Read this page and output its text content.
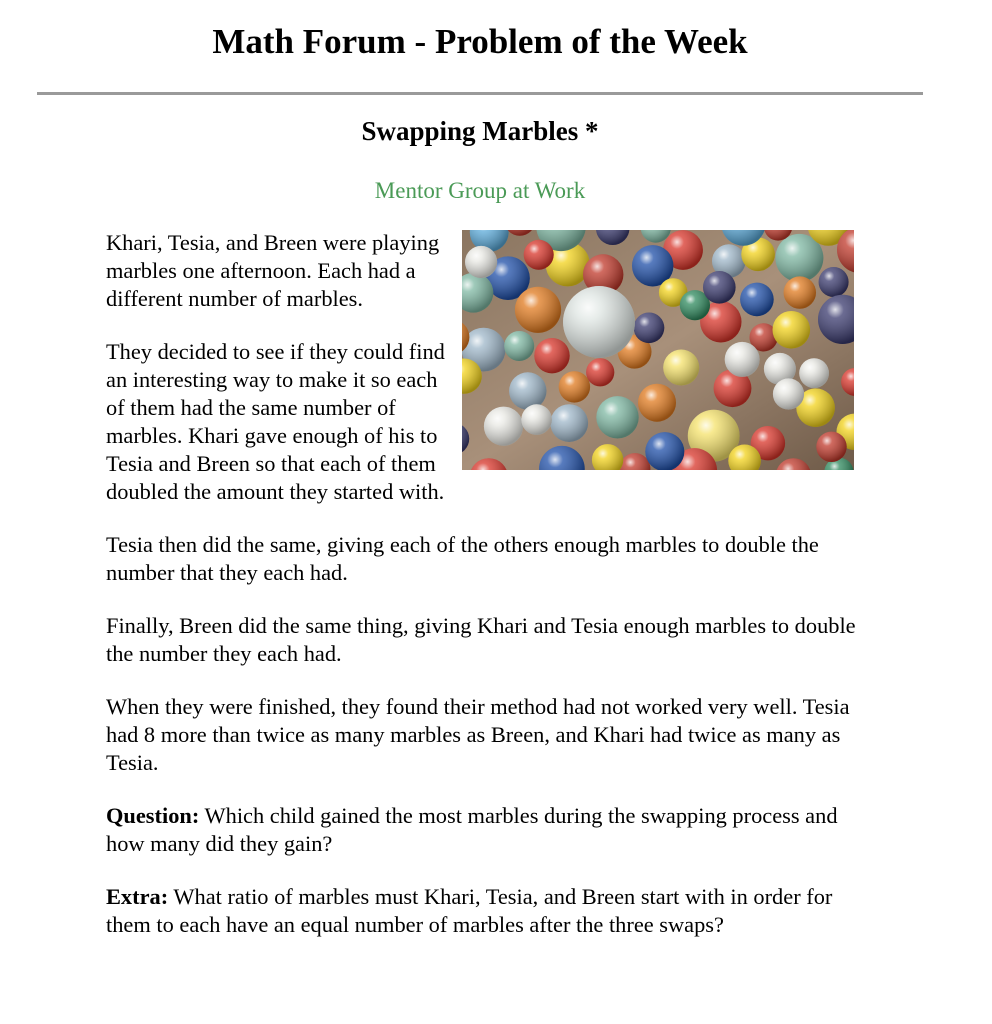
Math Forum - Problem of the Week
Swapping Marbles *
Mentor Group at Work

Khari, Tesia, and Breen were playing marbles one afternoon. Each had a different number of marbles.

They decided to see if they could find an interesting way to make it so each of them had the same number of marbles. Khari gave enough of his to Tesia and Breen so that each of them doubled the amount they started with.

Tesia then did the same, giving each of the others enough marbles to double the number that they each had.

Finally, Breen did the same thing, giving Khari and Tesia enough marbles to double the number they each had.

When they were finished, they found their method had not worked very well. Tesia had 8 more than twice as many marbles as Breen, and Khari had twice as many as Tesia.

Question: Which child gained the most marbles during the swapping process and how many did they gain?

Extra: What ratio of marbles must Khari, Tesia, and Breen start with in order for them to each have an equal number of marbles after the three swaps?
